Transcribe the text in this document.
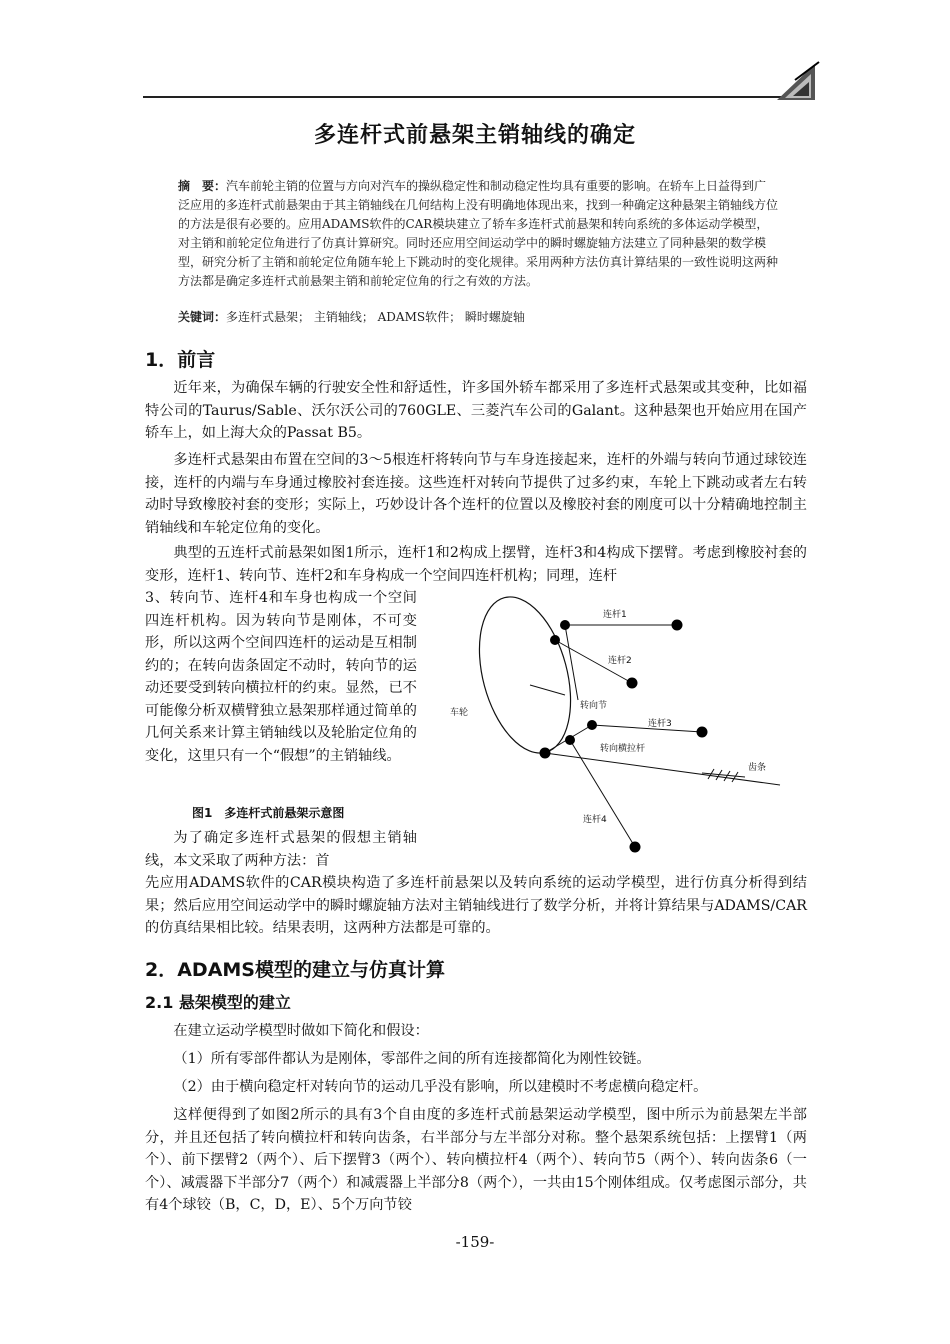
多连杆式前悬架主销轴线的确定
摘　要：汽车前轮主销的位置与方向对汽车的操纵稳定性和制动稳定性均具有重要的影响。在轿车上日益得到广泛应用的多连杆式前悬架由于其主销轴线在几何结构上没有明确地体现出来，找到一种确定这种悬架主销轴线方位的方法是很有必要的。应用ADAMS软件的CAR模块建立了轿车多连杆式前悬架和转向系统的多体运动学模型，对主销和前轮定位角进行了仿真计算研究。同时还应用空间运动学中的瞬时螺旋轴方法建立了同种悬架的数学模型，研究分析了主销和前轮定位角随车轮上下跳动时的变化规律。采用两种方法仿真计算结果的一致性说明这两种方法都是确定多连杆式前悬架主销和前轮定位角的行之有效的方法。
关键词：多连杆式悬架； 主销轴线； ADAMS软件； 瞬时螺旋轴
1．前言
近年来，为确保车辆的行驶安全性和舒适性，许多国外轿车都采用了多连杆式悬架或其变种，比如福特公司的Taurus/Sable、沃尔沃公司的760GLE、三菱汽车公司的Galant。这种悬架也开始应用在国产轿车上，如上海大众的Passat B5。
多连杆式悬架由布置在空间的3～5根连杆将转向节与车身连接起来，连杆的外端与转向节通过球铰连接，连杆的内端与车身通过橡胶衬套连接。这些连杆对转向节提供了过多约束，车轮上下跳动或者左右转动时导致橡胶衬套的变形；实际上，巧妙设计各个连杆的位置以及橡胶衬套的刚度可以十分精确地控制主销轴线和车轮定位角的变化。
典型的五连杆式前悬架如图1所示，连杆1和2构成上摆臂，连杆3和4构成下摆臂。考虑到橡胶衬套的变形，连杆1、转向节、连杆2和车身构成一个空间四连杆机构；同理，连杆
3、转向节、连杆4和车身也构成一个空间四连杆机构。因为转向节是刚体，不可变形，所以这两个空间四连杆的运动是互相制约的；在转向齿条固定不动时，转向节的运动还要受到转向横拉杆的约束。显然，已不可能像分析双横臂独立悬架那样通过简单的几何关系来计算主销轴线以及轮胎定位角的变化，这里只有一个“假想”的主销轴线。
连杆1
连杆2
转向节
连杆3
转向横拉杆
齿条
车轮
连杆4
图1　多连杆式前悬架示意图
为了确定多连杆式悬架的假想主销轴线，本文采取了两种方法：首
先应用ADAMS软件的CAR模块构造了多连杆前悬架以及转向系统的运动学模型，进行仿真分析得到结果；然后应用空间运动学中的瞬时螺旋轴方法对主销轴线进行了数学分析，并将计算结果与ADAMS/CAR的仿真结果相比较。结果表明，这两种方法都是可靠的。
2．ADAMS模型的建立与仿真计算
2.1 悬架模型的建立
在建立运动学模型时做如下简化和假设：
（1）所有零部件都认为是刚体，零部件之间的所有连接都简化为刚性铰链。
（2）由于横向稳定杆对转向节的运动几乎没有影响，所以建模时不考虑横向稳定杆。
这样便得到了如图2所示的具有3个自由度的多连杆式前悬架运动学模型，图中所示为前悬架左半部分，并且还包括了转向横拉杆和转向齿条，右半部分与左半部分对称。整个悬架系统包括：上摆臂1（两个）、前下摆臂2（两个）、后下摆臂3（两个）、转向横拉杆4（两个）、转向节5（两个）、转向齿条6（一个）、减震器下半部分7（两个）和减震器上半部分8（两个），一共由15个刚体组成。仅考虑图示部分，共有4个球铰（B，C，D，E）、5个万向节铰
-159-
